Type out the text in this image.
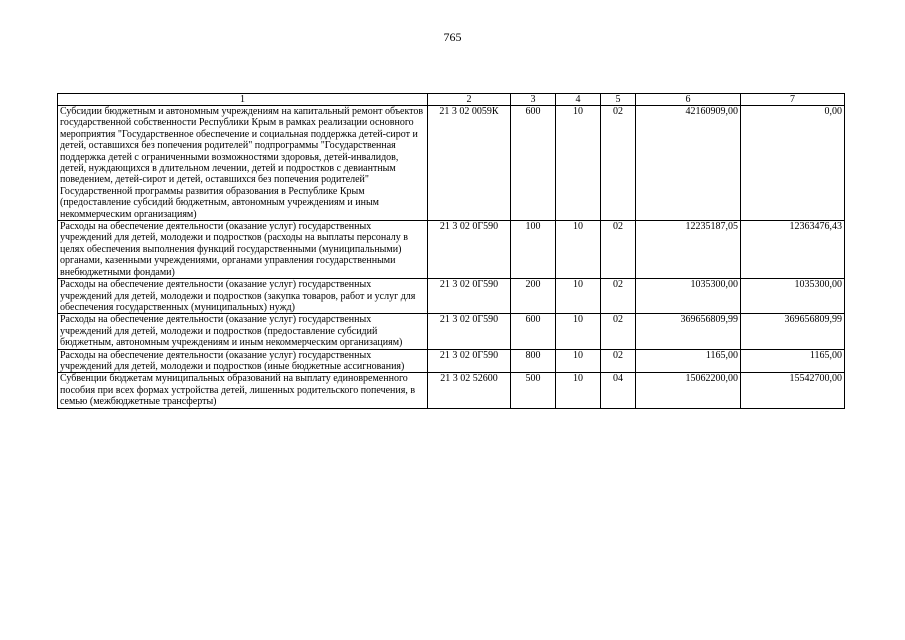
765
1	2	3	4	5	6	7
Субсидии бюджетным и автономным учреждениям на капитальный ремонт объектов государственной собственности Республики Крым в рамках реализации основного мероприятия "Государственное обеспечение и социальная поддержка детей-сирот и детей, оставшихся без попечения родителей" подпрограммы "Государственная поддержка детей с ограниченными возможностями здоровья, детей-инвалидов, детей, нуждающихся в длительном лечении, детей и подростков с девиантным поведением, детей-сирот и детей, оставшихся без попечения родителей" Государственной программы развития образования в Республике Крым (предоставление субсидий бюджетным, автономным учреждениям и иным некоммерческим организациям)	21 3 02 0059К	600	10	02	42160909,00	0,00
Расходы на обеспечение деятельности (оказание услуг) государственных учреждений для детей, молодежи и подростков (расходы на выплаты персоналу в целях обеспечения выполнения функций государственными (муниципальными) органами, казенными учреждениями, органами управления государственными внебюджетными фондами)	21 3 02 0Г590	100	10	02	12235187,05	12363476,43
Расходы на обеспечение деятельности (оказание услуг) государственных учреждений для детей, молодежи и подростков (закупка товаров, работ и услуг для обеспечения государственных (муниципальных) нужд)	21 3 02 0Г590	200	10	02	1035300,00	1035300,00
Расходы на обеспечение деятельности (оказание услуг) государственных учреждений для детей, молодежи и подростков (предоставление субсидий бюджетным, автономным учреждениям и иным некоммерческим организациям)	21 3 02 0Г590	600	10	02	369656809,99	369656809,99
Расходы на обеспечение деятельности (оказание услуг) государственных учреждений для детей, молодежи и подростков (иные бюджетные ассигнования)	21 3 02 0Г590	800	10	02	1165,00	1165,00
Субвенции бюджетам муниципальных образований на выплату единовременного пособия при всех формах устройства детей, лишенных родительского попечения, в семью (межбюджетные трансферты)	21 3 02 52600	500	10	04	15062200,00	15542700,00
